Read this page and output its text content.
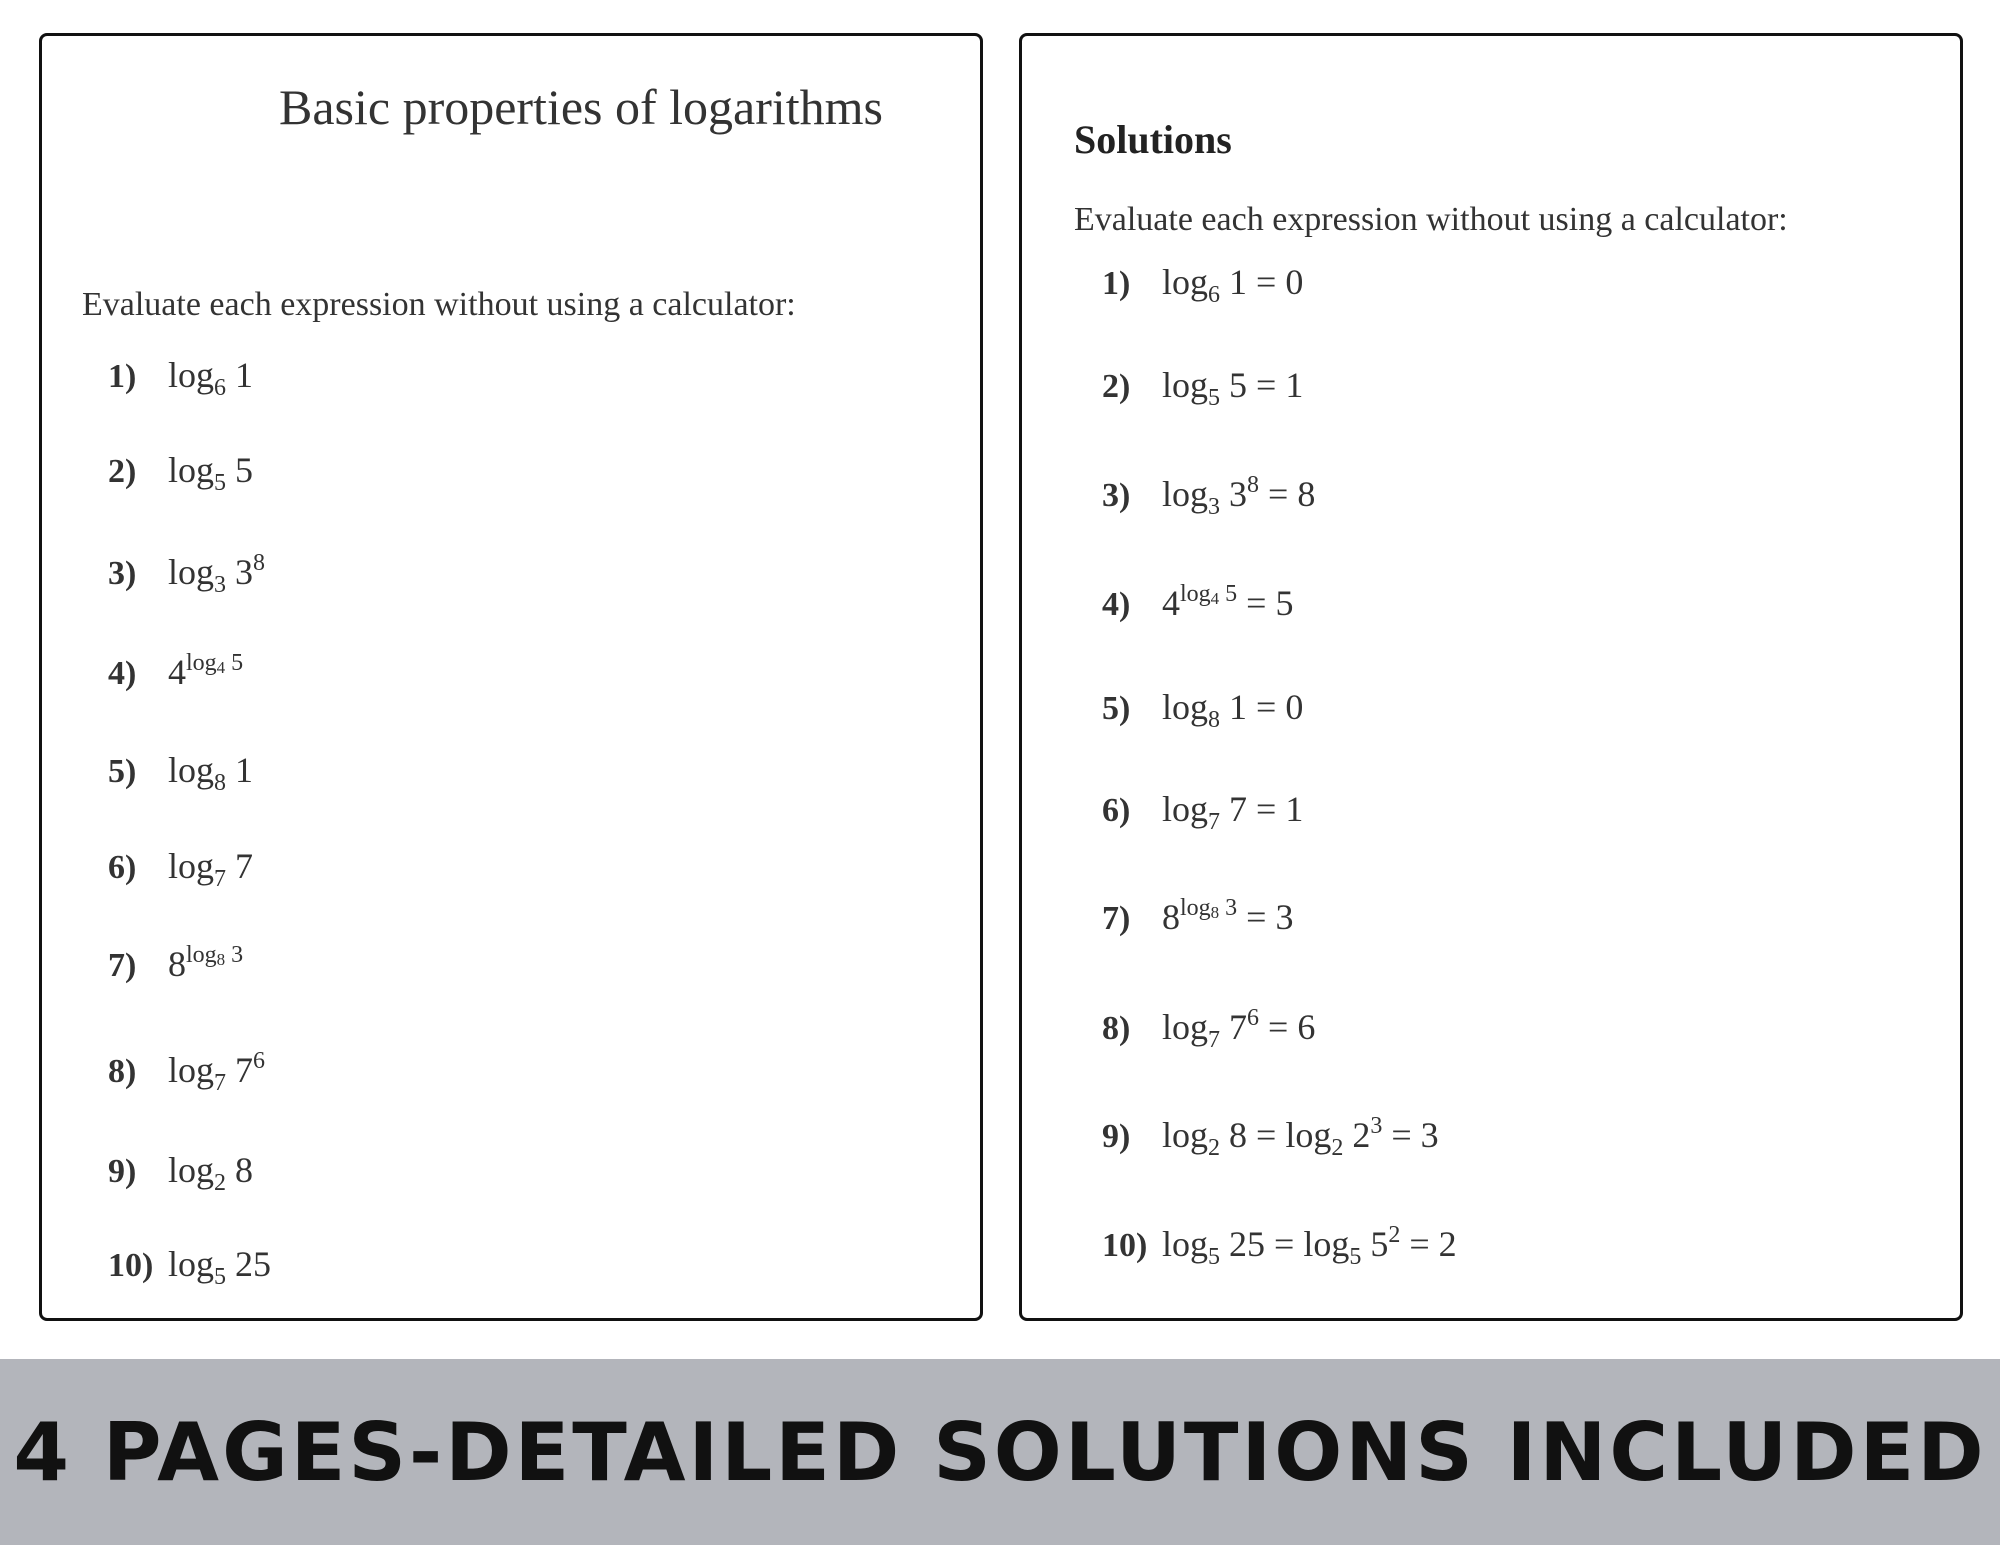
Basic properties of logarithms
Evaluate each expression without using a calculator:
1) $\log_6 1$
2) $\log_5 5$
3) $\log_3 3^8$
4) $4^{log_4 5}$
5) $\log_8 1$
6) $\log_7 7$
7) $8^{log_8 3}$
8) $\log_7 7^6$
9) $\log_2 8$
10) $\log_5 25$
Solutions
Evaluate each expression without using a calculator:
1) $\log_6 1 = 0$
2) $\log_5 5 = 1$
3) $\log_3 3^8 = 8$
4) $4^{log_4 5} = 5$
5) $\log_8 1 = 0$
6) $\log_7 7 = 1$
7) $8^{log_8 3} = 3$
8) $\log_7 7^6 = 6$
9) $\log_2 8 = \log_2 2^3 = 3$
10) $\log_5 25 = \log_5 5^2 = 2$
4 PAGES-DETAILED SOLUTIONS INCLUDED
